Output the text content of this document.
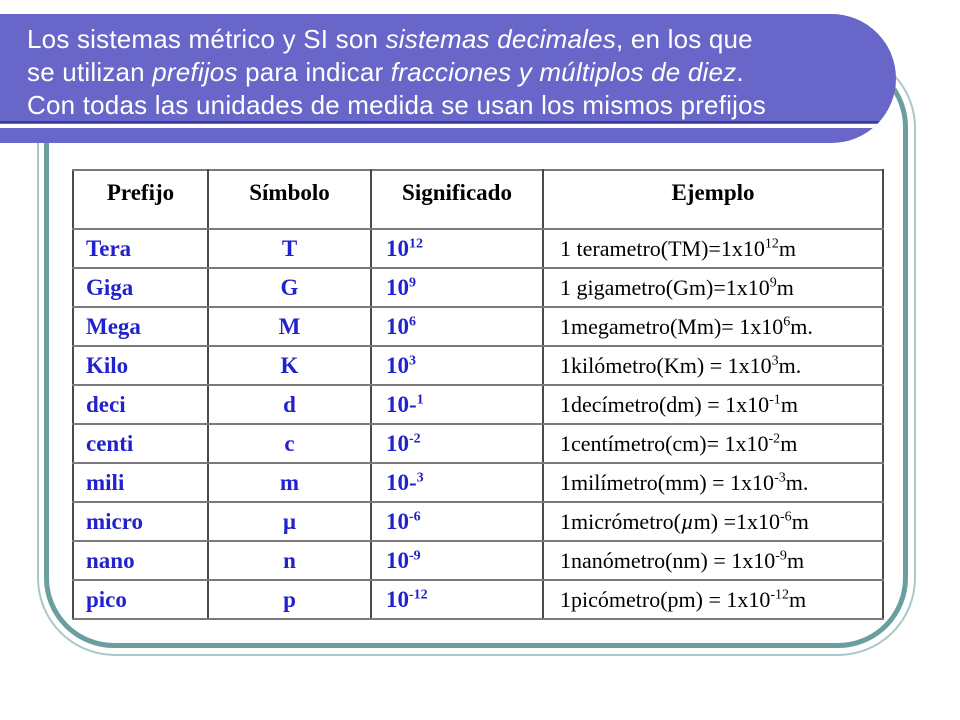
Los sistemas métrico y SI son sistemas decimales, en los que
se utilizan prefijos para indicar fracciones y múltiplos de diez.
Con todas las unidades de medida se usan los mismos prefijos
Prefijo	Símbolo	Significado	Ejemplo
Tera	T	$10^{12}$	1 $terametro(TM)=1x10^{12}m$
Giga	G	$10^9$	1 $gigametro(Gm)=1x10^9m$
Mega	M	$10^6$	1megametro(Mm)= $1x10^6m$.
Kilo	K	$10^3$	1kilómetro(Km) = $1x10^3m$.
deci	d	10-$^1$	1decímetro(dm) = $1x10^{-1}m$
centi	c	$10^{-2}$	1centímetro(cm)= $1x10^{-2}m$
mili	m	10-$^3$	1milímetro(mm) = $1x10^{-3}m$.
micro	µ	$10^{-6}$	1micrómetro(µm) $=1x10^{-6}m$
nano	n	$10^{-9}$	1nanómetro(nm) = $1x10^{-9}m$
pico	p	$10^{-12}$	1picómetro(pm) = $1x10^{-12}m$
